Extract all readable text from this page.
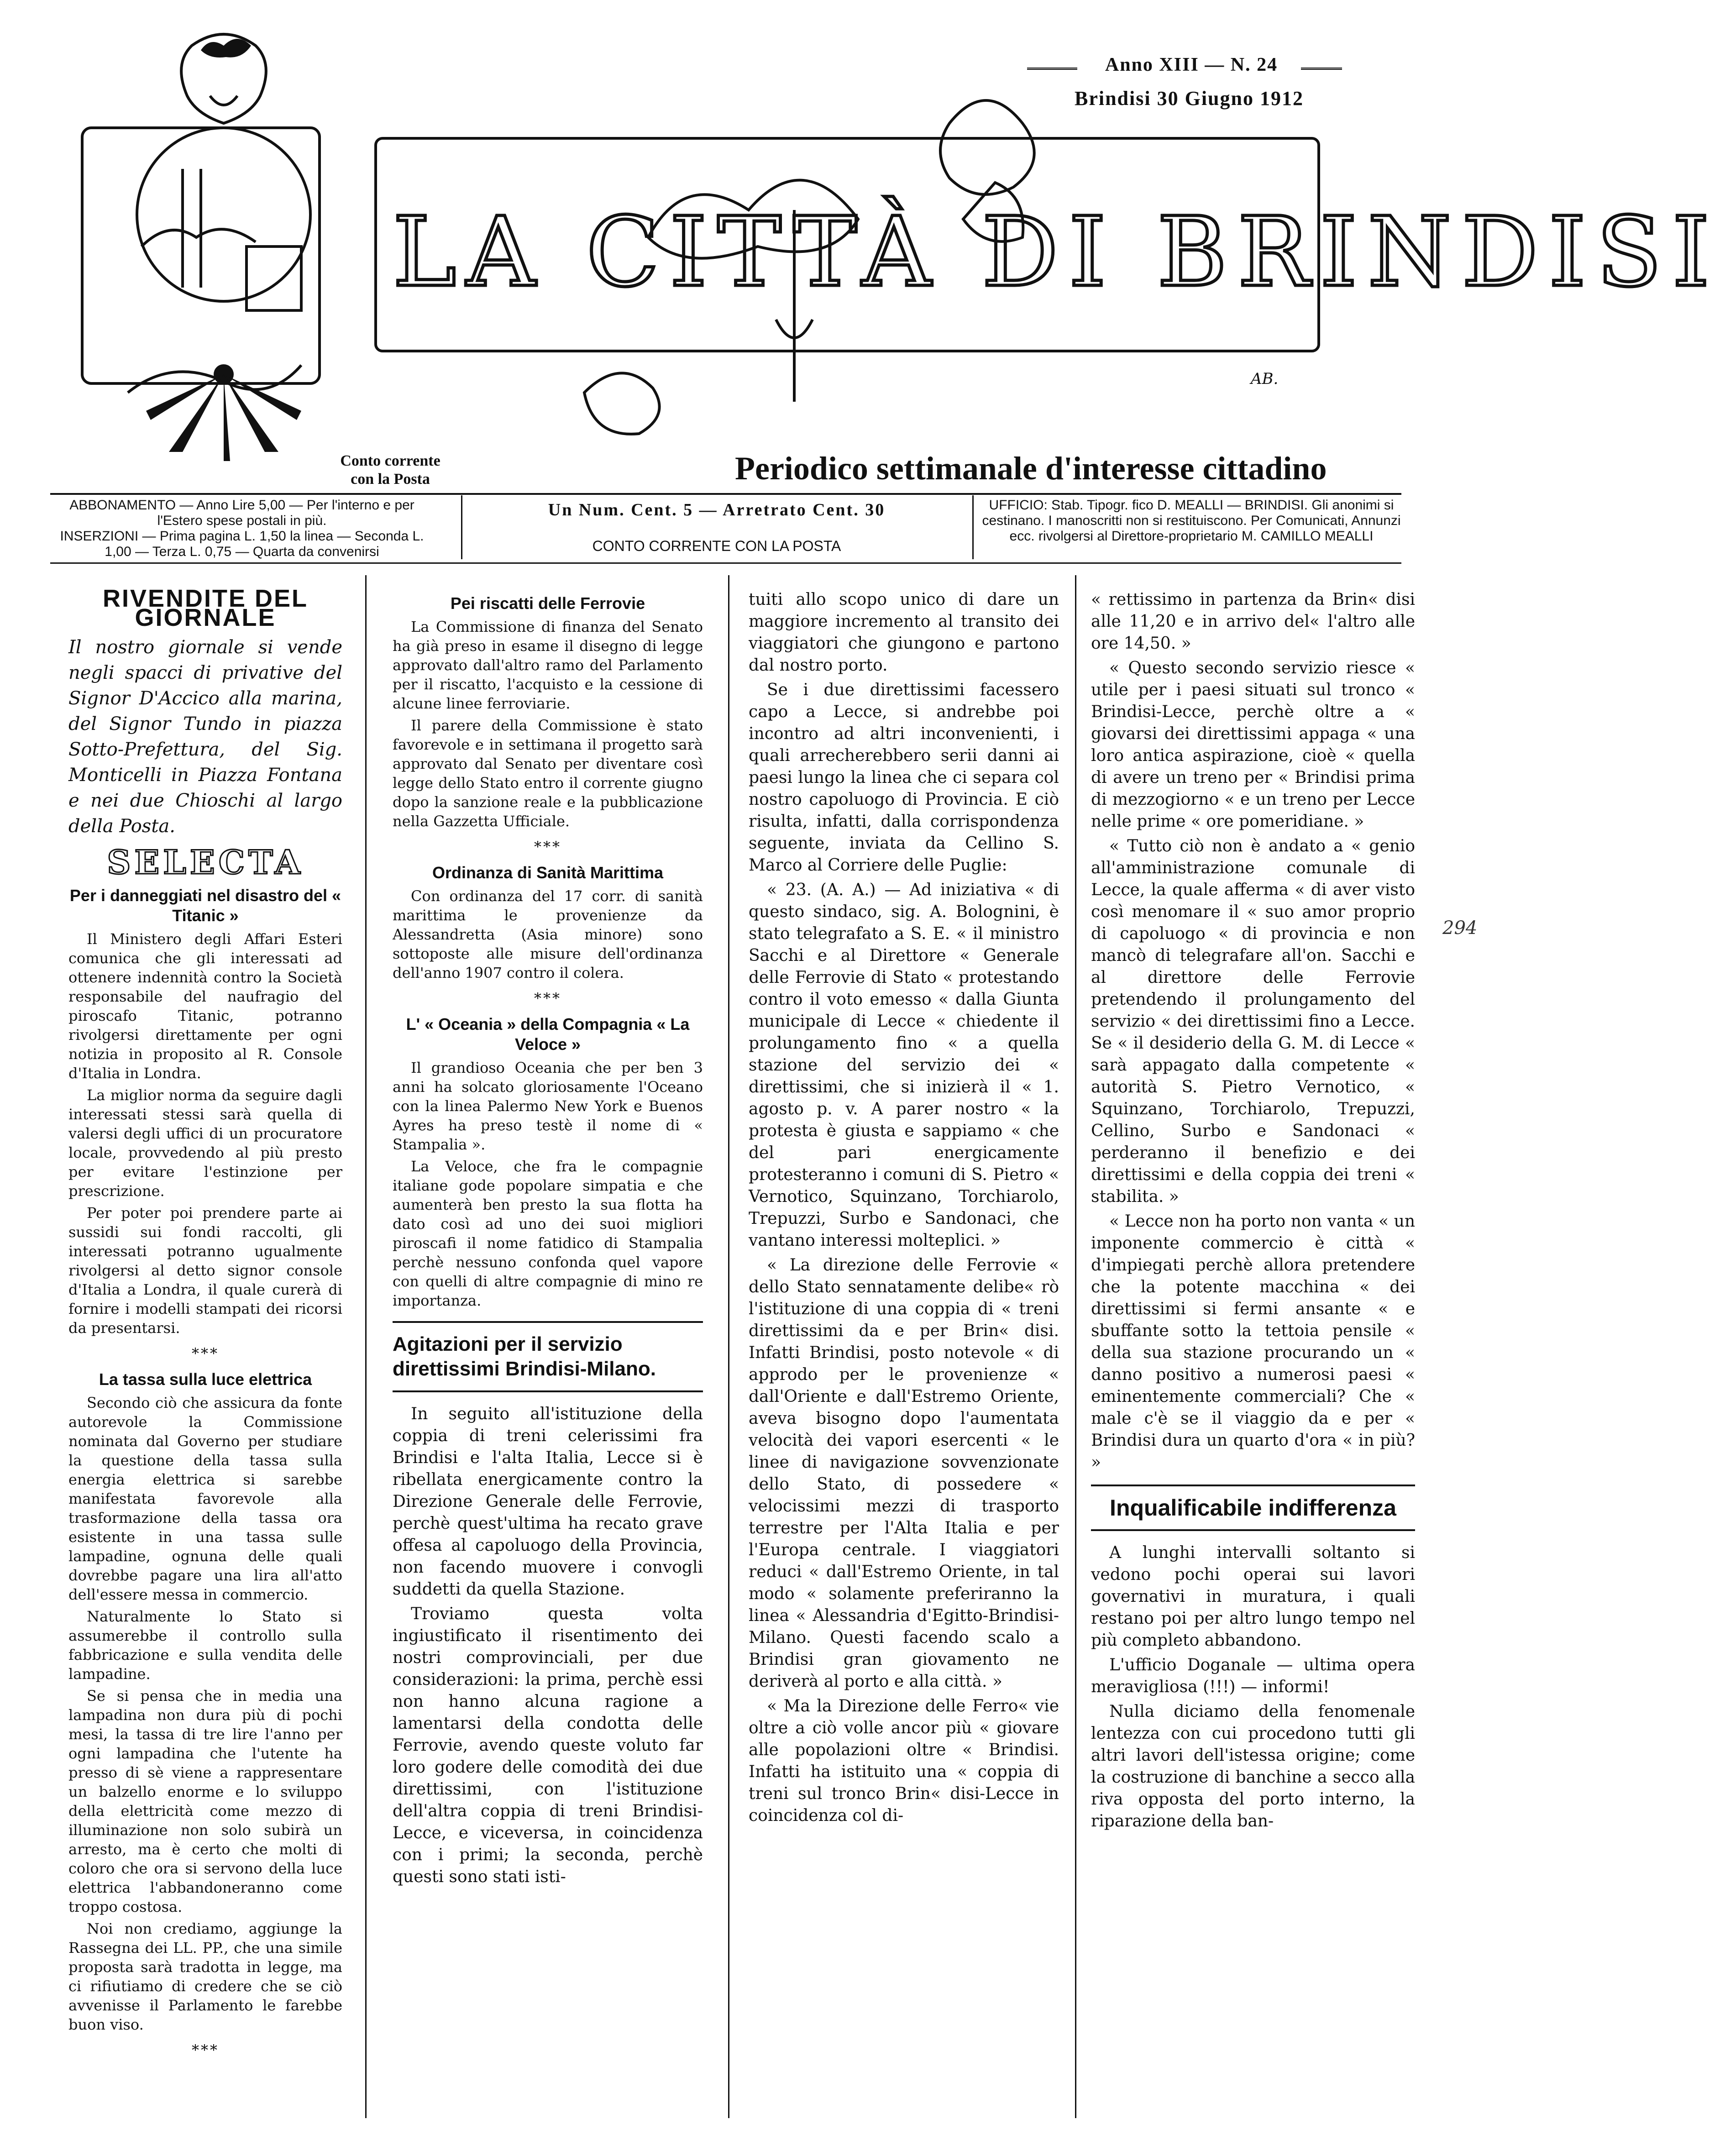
Anno XIII — N. 24
Brindisi 30 Giugno 1912
LA CITTÀ DI BRINDISI
AB.
Conto corrente con la Posta	Periodico settimanale d'interesse cittadino
ABBONAMENTO — Anno Lire 5,00 — Per l'interno e per l'Estero spese postali in più.
INSERZIONI — Prima pagina L. 1,50 la linea — Seconda L. 1,00 — Terza L. 0,75 — Quarta da convenirsi
Un Num. Cent. 5 — Arretrato Cent. 30
CONTO CORRENTE CON LA POSTA
UFFICIO: Stab. Tipogr. fico D. MEALLI — BRINDISI. Gli anonimi si cestinano. I manoscritti non si restituiscono. Per Comunicati, Annunzi ecc. rivolgersi al Direttore-proprietario M. CAMILLO MEALLI
294
RIVENDITE DEL GIORNALE
Il nostro giornale si vende negli spacci di privative del Signor D'Accico alla marina, del Signor Tundo in piazza Sotto-Prefettura, del Sig. Monticelli in Piazza Fontana e nei due Chioschi al largo della Posta.
SELECTA
Per i danneggiati nel disastro del « Titanic »

Il Ministero degli Affari Esteri comunica che gli interessati ad ottenere indennità contro la Società responsabile del naufragio del piroscafo Titanic, potranno rivolgersi direttamente per ogni notizia in proposito al R. Console d'Italia in Londra.

La miglior norma da seguire dagli interessati stessi sarà quella di valersi degli uffici di un procuratore locale, provvedendo al più presto per evitare l'estinzione per prescrizione.

Per poter poi prendere parte ai sussidi sui fondi raccolti, gli interessati potranno ugualmente rivolgersi al detto signor console d'Italia a Londra, il quale curerà di fornire i modelli stampati dei ricorsi da presentarsi.

***
La tassa sulla luce elettrica

Secondo ciò che assicura da fonte autorevole la Commissione nominata dal Governo per studiare la questione della tassa sulla energia elettrica si sarebbe manifestata favorevole alla trasformazione della tassa ora esistente in una tassa sulle lampadine, ognuna delle quali dovrebbe pagare una lira all'atto dell'essere messa in commercio.

Naturalmente lo Stato si assumerebbe il controllo sulla fabbricazione e sulla vendita delle lampadine.

Se si pensa che in media una lampadina non dura più di pochi mesi, la tassa di tre lire l'anno per ogni lampadina che l'utente ha presso di sè viene a rappresentare un balzello enorme e lo sviluppo della elettricità come mezzo di illuminazione non solo subirà un arresto, ma è certo che molti di coloro che ora si servono della luce elettrica l'abbandoneranno come troppo costosa.

Noi non crediamo, aggiunge la Rassegna dei LL. PP., che una simile proposta sarà tradotta in legge, ma ci rifiutiamo di credere che se ciò avvenisse il Parlamento le farebbe buon viso.

***
Pei riscatti delle Ferrovie

La Commissione di finanza del Senato ha già preso in esame il disegno di legge approvato dall'altro ramo del Parlamento per il riscatto, l'acquisto e la cessione di alcune linee ferroviarie.

Il parere della Commissione è stato favorevole e in settimana il progetto sarà approvato dal Senato per diventare così legge dello Stato entro il corrente giugno dopo la sanzione reale e la pubblicazione nella Gazzetta Ufficiale.

***
Ordinanza di Sanità Marittima

Con ordinanza del 17 corr. di sanità marittima le provenienze da Alessandretta (Asia minore) sono sottoposte alle misure dell'ordinanza dell'anno 1907 contro il colera.

***
L' « Oceania » della Compagnia « La Veloce »

Il grandioso Oceania che per ben 3 anni ha solcato gloriosamente l'Oceano con la linea Palermo New York e Buenos Ayres ha preso testè il nome di « Stampalia ».

La Veloce, che fra le compagnie italiane gode popolare simpatia e che aumenterà ben presto la sua flotta ha dato così ad uno dei suoi migliori piroscafi il nome fatidico di Stampalia perchè nessuno confonda quel vapore con quelli di altre compagnie di mino re importanza.

Agitazioni per il servizio direttissimi Brindisi-Milano.

In seguito all'istituzione della coppia di treni celerissimi fra Brindisi e l'alta Italia, Lecce si è ribellata energicamente contro la Direzione Generale delle Ferrovie, perchè quest'ultima ha recato grave offesa al capoluogo della Provincia, non facendo muovere i convogli suddetti da quella Stazione.

Troviamo questa volta ingiustificato il risentimento dei nostri comprovinciali, per due considerazioni: la prima, perchè essi non hanno alcuna ragione a lamentarsi della condotta delle Ferrovie, avendo queste voluto far loro godere delle comodità dei due direttissimi, con l'istituzione dell'altra coppia di treni Brindisi-Lecce, e viceversa, in coincidenza con i primi; la seconda, perchè questi sono stati isti-

tuiti allo scopo unico di dare un maggiore incremento al transito dei viaggiatori che giungono e partono dal nostro porto.

Se i due direttissimi facessero capo a Lecce, si andrebbe poi incontro ad altri inconvenienti, i quali arrecherebbero serii danni ai paesi lungo la linea che ci separa col nostro capoluogo di Provincia. E ciò risulta, infatti, dalla corrispondenza seguente, inviata da Cellino S. Marco al Corriere delle Puglie:

« 23. (A. A.) — Ad iniziativa « di questo sindaco, sig. A. Bolognini, è stato telegrafato a S. E. « il ministro Sacchi e al Direttore « Generale delle Ferrovie di Stato « protestando contro il voto emesso « dalla Giunta municipale di Lecce « chiedente il prolungamento fino « a quella stazione del servizio dei « direttissimi, che si inizierà il « 1. agosto p. v. A parer nostro « la protesta è giusta e sappiamo « che del pari energicamente protesteranno i comuni di S. Pietro « Vernotico, Squinzano, Torchiarolo, Trepuzzi, Surbo e Sandonaci, che vantano interessi molteplici. »

« La direzione delle Ferrovie « dello Stato sennatamente delibe« rò l'istituzione di una coppia di « treni direttissimi da e per Brin« disi. Infatti Brindisi, posto notevole « di approdo per le provenienze « dall'Oriente e dall'Estremo Oriente, aveva bisogno dopo l'aumentata velocità dei vapori esercenti « le linee di navigazione sovvenzionate dello Stato, di possedere « velocissimi mezzi di trasporto terrestre per l'Alta Italia e per l'Europa centrale. I viaggiatori reduci « dall'Estremo Oriente, in tal modo « solamente preferiranno la linea « Alessandria d'Egitto-Brindisi-Milano. Questi facendo scalo a Brindisi gran giovamento ne deriverà al porto e alla città. »

« Ma la Direzione delle Ferro« vie oltre a ciò volle ancor più « giovare alle popolazioni oltre « Brindisi. Infatti ha istituito una « coppia di treni sul tronco Brin« disi-Lecce in coincidenza col di-

« rettissimo in partenza da Brin« disi alle 11,20 e in arrivo del« l'altro alle ore 14,50. »

« Questo secondo servizio riesce « utile per i paesi situati sul tronco « Brindisi-Lecce, perchè oltre a « giovarsi dei direttissimi appaga « una loro antica aspirazione, cioè « quella di avere un treno per « Brindisi prima di mezzogiorno « e un treno per Lecce nelle prime « ore pomeridiane. »

« Tutto ciò non è andato a « genio all'amministrazione comunale di Lecce, la quale afferma « di aver visto così menomare il « suo amor proprio di capoluogo « di provincia e non mancò di telegrafare all'on. Sacchi e al direttore delle Ferrovie pretendendo il prolungamento del servizio « dei direttissimi fino a Lecce. Se « il desiderio della G. M. di Lecce « sarà appagato dalla competente « autorità S. Pietro Vernotico, « Squinzano, Torchiarolo, Trepuzzi, Cellino, Surbo e Sandonaci « perderanno il benefizio e dei direttissimi e della coppia dei treni « stabilita. »

« Lecce non ha porto non vanta « un imponente commercio è città « d'impiegati perchè allora pretendere che la potente macchina « dei direttissimi si fermi ansante « e sbuffante sotto la tettoia pensile « della sua stazione procurando un « danno positivo a numerosi paesi « eminentemente commerciali? Che « male c'è se il viaggio da e per « Brindisi dura un quarto d'ora « in più? »

Inqualificabile indifferenza

A lunghi intervalli soltanto si vedono pochi operai sui lavori governativi in muratura, i quali restano poi per altro lungo tempo nel più completo abbandono.

L'ufficio Doganale — ultima opera meravigliosa (!!!) — informi!

Nulla diciamo della fenomenale lentezza con cui procedono tutti gli altri lavori dell'istessa origine; come la costruzione di banchine a secco alla riva opposta del porto interno, la riparazione della ban-
